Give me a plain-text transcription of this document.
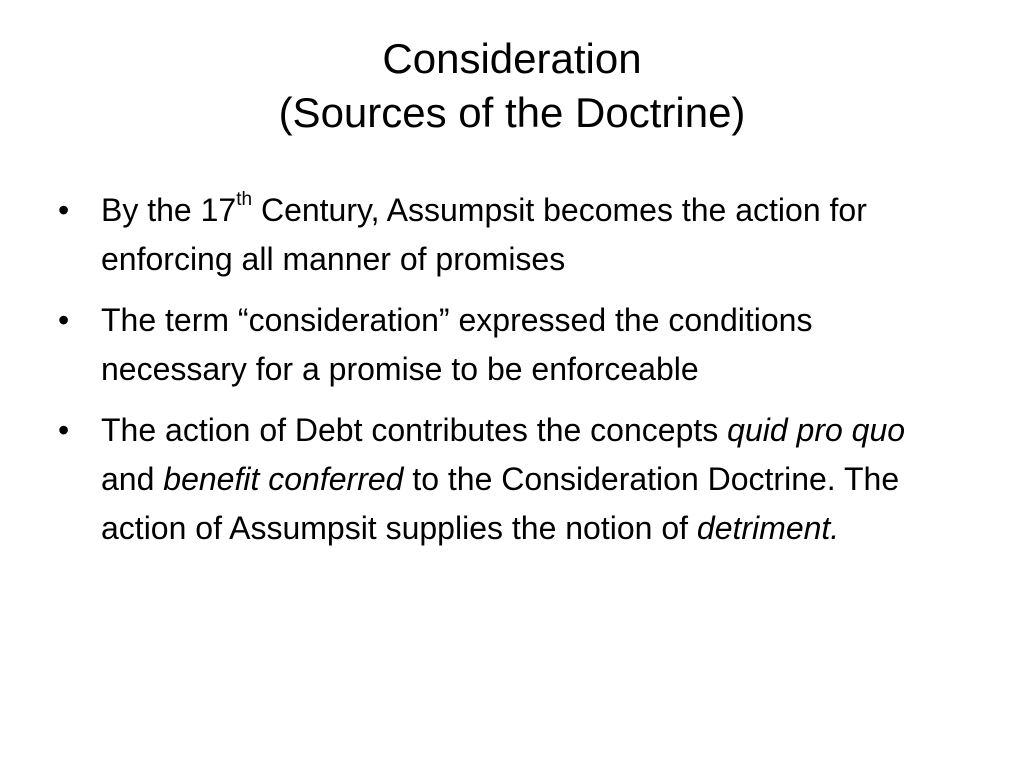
Consideration
(Sources of the Doctrine)
• By the 17th Century, Assumpsit becomes the action for enforcing all manner of promises
• The term “consideration” expressed the conditions necessary for a promise to be enforceable
• The action of Debt contributes the concepts quid pro quo and benefit conferred to the Consideration Doctrine. The action of Assumpsit supplies the notion of detriment.
